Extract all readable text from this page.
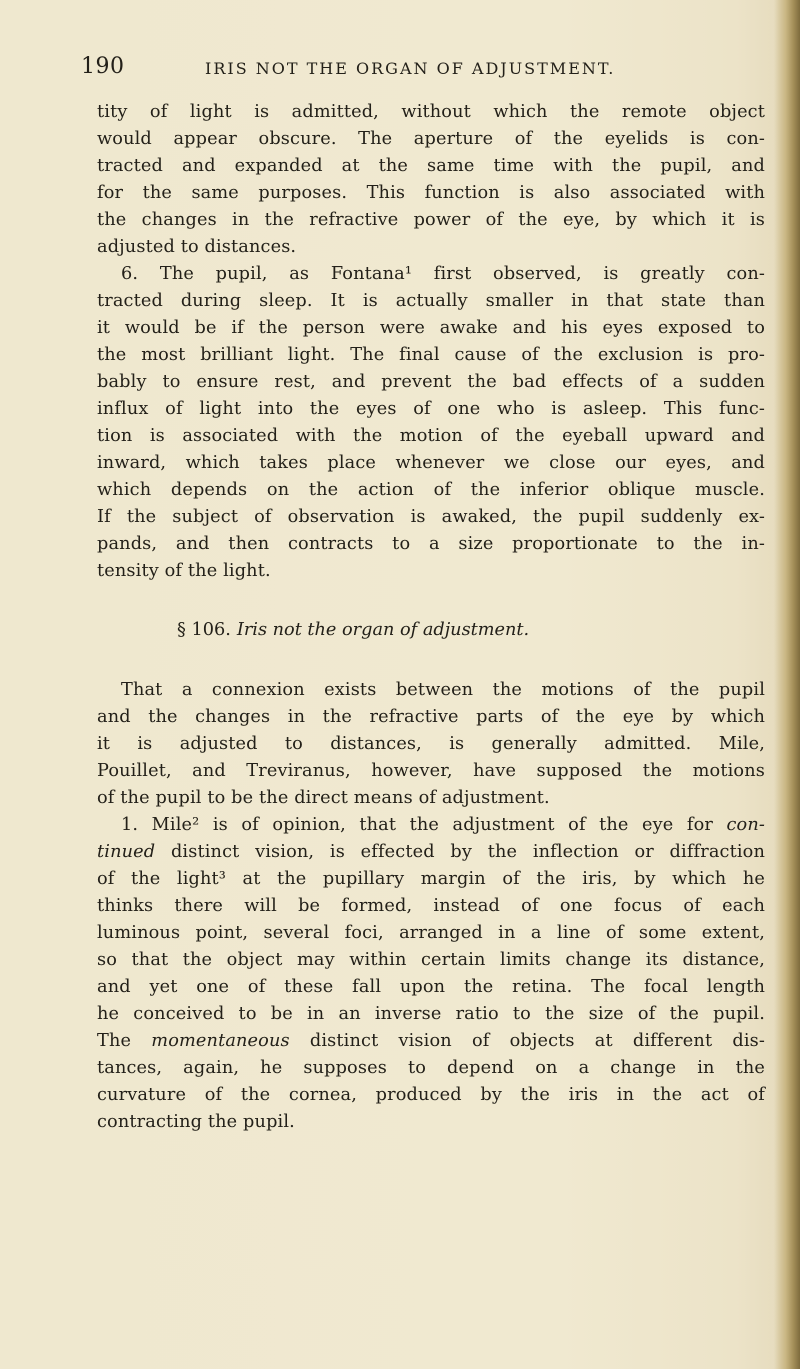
190	IRIS NOT THE ORGAN OF ADJUSTMENT.
tity of light is admitted, without which the remote object
would appear obscure. The aperture of the eyelids is con-
tracted and expanded at the same time with the pupil, and
for the same purposes. This function is also associated with
the changes in the refractive power of the eye, by which it is
adjusted to distances.
6. The pupil, as Fontana¹ first observed, is greatly con-
tracted during sleep. It is actually smaller in that state than
it would be if the person were awake and his eyes exposed to
the most brilliant light. The final cause of the exclusion is pro-
bably to ensure rest, and prevent the bad effects of a sudden
influx of light into the eyes of one who is asleep. This func-
tion is associated with the motion of the eyeball upward and
inward, which takes place whenever we close our eyes, and
which depends on the action of the inferior oblique muscle.
If the subject of observation is awaked, the pupil suddenly ex-
pands, and then contracts to a size proportionate to the in-
tensity of the light.
§ 106. Iris not the organ of adjustment.
That a connexion exists between the motions of the pupil
and the changes in the refractive parts of the eye by which
it is adjusted to distances, is generally admitted. Mile,
Pouillet, and Treviranus, however, have supposed the motions
of the pupil to be the direct means of adjustment.
1. Mile² is of opinion, that the adjustment of the eye for con-
tinued distinct vision, is effected by the inflection or diffraction
of the light³ at the pupillary margin of the iris, by which he
thinks there will be formed, instead of one focus of each
luminous point, several foci, arranged in a line of some extent,
so that the object may within certain limits change its distance,
and yet one of these fall upon the retina. The focal length
he conceived to be in an inverse ratio to the size of the pupil.
The momentaneous distinct vision of objects at different dis-
tances, again, he supposes to depend on a change in the
curvature of the cornea, produced by the iris in the act of
contracting the pupil.
